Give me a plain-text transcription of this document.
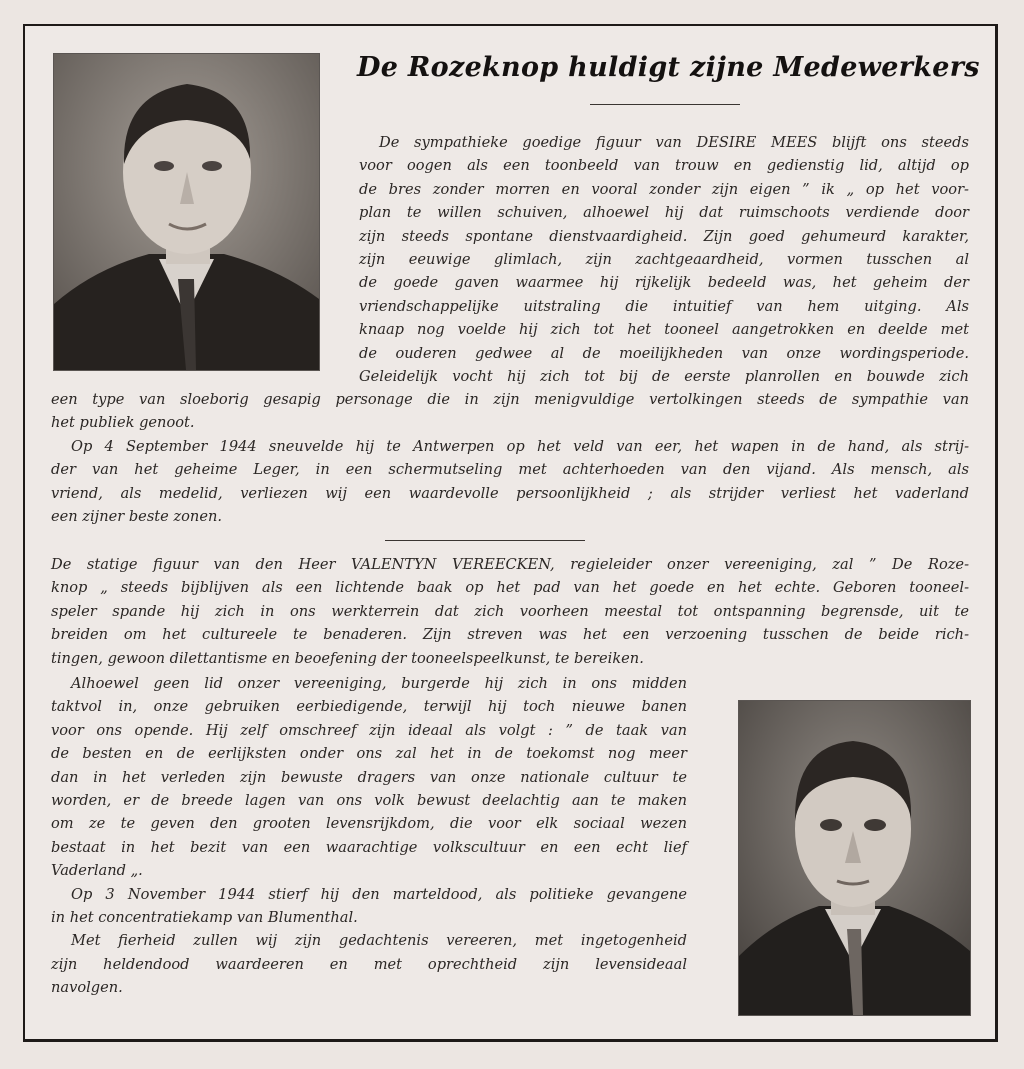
De Rozeknop huldigt zijne Medewerkers
De sympathieke goedige figuur van DESIRE MEES blijft ons steeds
voor oogen als een toonbeeld van trouw en gedienstig lid, altijd op
de bres zonder morren en vooral zonder zijn eigen ” ik „ op het voor-
plan te willen schuiven, alhoewel hij dat ruimschoots verdiende door
zijn steeds spontane dienstvaardigheid. Zijn goed gehumeurd karakter,
zijn eeuwige glimlach, zijn zachtgeaardheid, vormen tusschen al
de goede gaven waarmee hij rijkelijk bedeeld was, het geheim der
vriendschappelijke uitstraling die intuitief van hem uitging. Als
knaap nog voelde hij zich tot het tooneel aangetrokken en deelde met
de ouderen gedwee al de moeilijkheden van onze wordingsperiode.
Geleidelijk vocht hij zich tot bij de eerste planrollen en bouwde zich
een type van sloeborig gesapig personage die in zijn menigvuldige vertolkingen steeds de sympathie van
het publiek genoot.
Op 4 September 1944 sneuvelde hij te Antwerpen op het veld van eer, het wapen in de hand, als strij-
der van het geheime Leger, in een schermutseling met achterhoeden van den vijand. Als mensch, als
vriend, als medelid, verliezen wij een waardevolle persoonlijkheid ; als strijder verliest het vaderland
een zijner beste zonen.
De statige figuur van den Heer VALENTYN VEREECKEN, regieleider onzer vereeniging, zal ” De Roze-
knop „ steeds bijblijven als een lichtende baak op het pad van het goede en het echte. Geboren tooneel-
speler spande hij zich in ons werkterrein dat zich voorheen meestal tot ontspanning begrensde, uit te
breiden om het cultureele te benaderen. Zijn streven was het een verzoening tusschen de beide rich-
tingen, gewoon dilettantisme en beoefening der tooneelspeelkunst, te bereiken.
Alhoewel geen lid onzer vereeniging, burgerde hij zich in ons midden
taktvol in, onze gebruiken eerbiedigende, terwijl hij toch nieuwe banen
voor ons opende. Hij zelf omschreef zijn ideaal als volgt : ” de taak van
de besten en de eerlijksten onder ons zal het in de toekomst nog meer
dan in het verleden zijn bewuste dragers van onze nationale cultuur te
worden, er de breede lagen van ons volk bewust deelachtig aan te maken
om ze te geven den grooten levensrijkdom, die voor elk sociaal wezen
bestaat in het bezit van een waarachtige volkscultuur en een echt lief
Vaderland „.
Op 3 November 1944 stierf hij den marteldood, als politieke gevangene
in het concentratiekamp van Blumenthal.
Met fierheid zullen wij zijn gedachtenis vereeren, met ingetogenheid
zijn heldendood waardeeren en met oprechtheid zijn levensideaal
navolgen.
